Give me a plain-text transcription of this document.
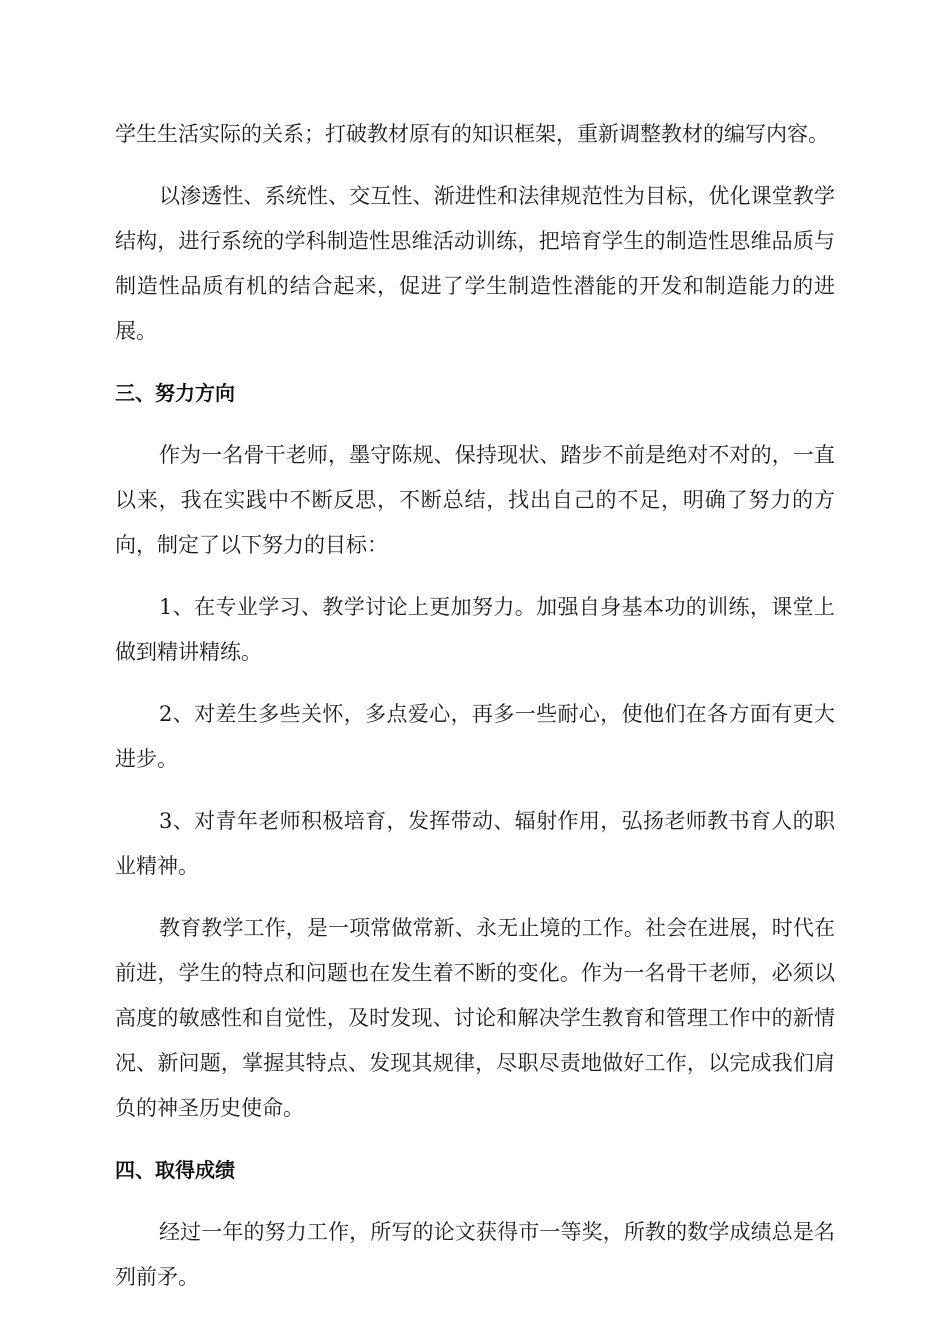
学生生活实际的关系；打破教材原有的知识框架，重新调整教材的编写内容。

以渗透性、系统性、交互性、渐进性和法律规范性为目标，优化课堂教学结构，进行系统的学科制造性思维活动训练，把培育学生的制造性思维品质与制造性品质有机的结合起来，促进了学生制造性潜能的开发和制造能力的进展。

三、努力方向

作为一名骨干老师，墨守陈规、保持现状、踏步不前是绝对不对的，一直以来，我在实践中不断反思，不断总结，找出自己的不足，明确了努力的方向，制定了以下努力的目标：

1、在专业学习、教学讨论上更加努力。加强自身基本功的训练，课堂上做到精讲精练。

2、对差生多些关怀，多点爱心，再多一些耐心，使他们在各方面有更大进步。

3、对青年老师积极培育，发挥带动、辐射作用，弘扬老师教书育人的职业精神。

教育教学工作，是一项常做常新、永无止境的工作。社会在进展，时代在前进，学生的特点和问题也在发生着不断的变化。作为一名骨干老师，必须以高度的敏感性和自觉性，及时发现、讨论和解决学生教育和管理工作中的新情况、新问题，掌握其特点、发现其规律，尽职尽责地做好工作，以完成我们肩负的神圣历史使命。

四、取得成绩

经过一年的努力工作，所写的论文获得市一等奖，所教的数学成绩总是名列前矛。
